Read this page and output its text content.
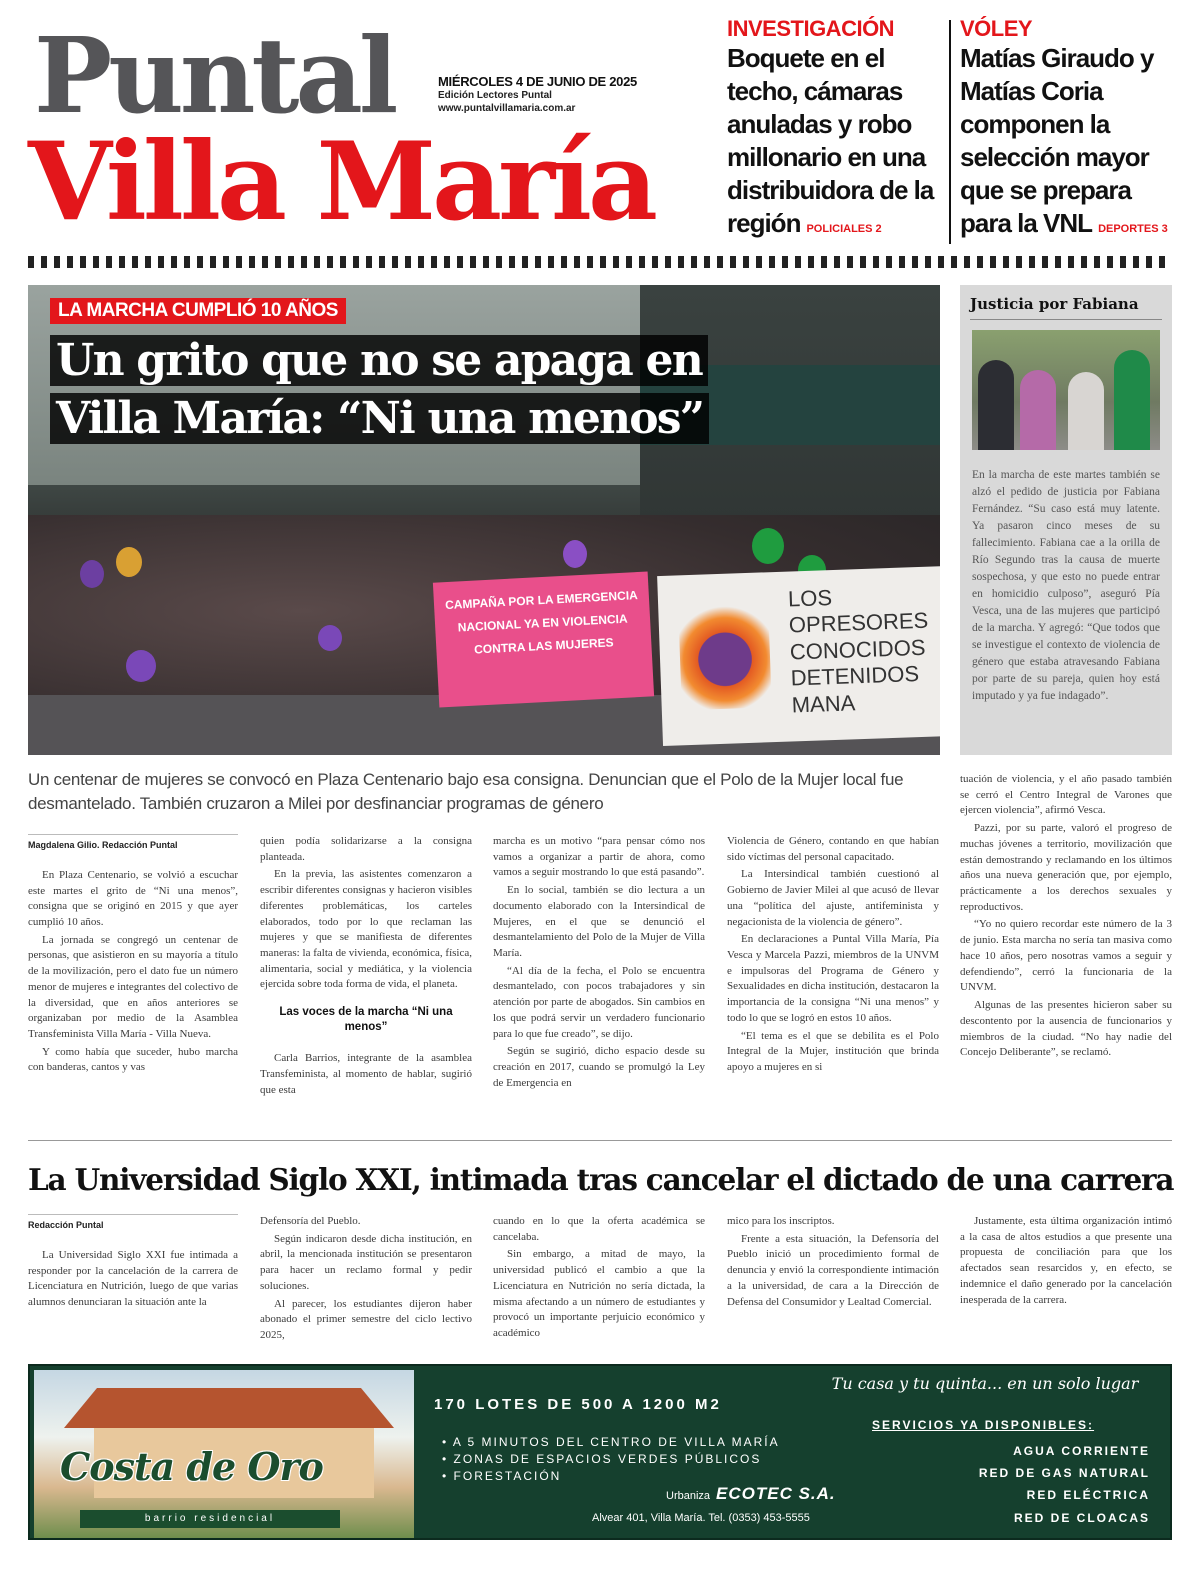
Puntal
Villa María
MIÉRCOLES 4 DE JUNIO DE 2025
Edición Lectores Puntal
www.puntalvillamaria.com.ar
INVESTIGACIÓN
Boquete en el techo, cámaras anuladas y robo millonario en una distribuidora de la región POLICIALES 2
VÓLEY
Matías Giraudo y Matías Coria componen la selección mayor que se prepara para la VNL DEPORTES 3
CAMPAÑA POR LA EMERGENCIA NACIONAL YA EN VIOLENCIA CONTRA LAS MUJERES
LOS OPRESORES CONOCIDOS DETENIDOS MANA
LA MARCHA CUMPLIÓ 10 AÑOS
Un grito que no se apaga en
Villa María: “Ni una menos”
Justicia por Fabiana
En la marcha de este martes también se alzó el pedido de justicia por Fabiana Fernández. “Su caso está muy latente. Ya pasaron cinco meses de su fallecimiento. Fabiana cae a la orilla de Río Segundo tras la causa de muerte sospechosa, y que esto no puede entrar en homicidio culposo”, aseguró Pía Vesca, una de las mujeres que participó de la marcha. Y agregó: “Que todos que se investigue el contexto de violencia de género que estaba atravesando Fabiana por parte de su pareja, quien hoy está imputado y ya fue indagado”.
Un centenar de mujeres se convocó en Plaza Centenario bajo esa consigna. Denuncian que el Polo de la Mujer local fue desmantelado. También cruzaron a Milei por desfinanciar programas de género
Magdalena Gilio. Redacción Puntal

En Plaza Centenario, se volvió a escuchar este martes el grito de “Ni una menos”, consigna que se originó en 2015 y que ayer cumplió 10 años.

La jornada se congregó un centenar de personas, que asistieron en su mayoría a título de la movilización, pero el dato fue un número menor de mujeres e integrantes del colectivo de la diversidad, que en años anteriores se organizaban por medio de la Asamblea Transfeminista Villa María - Villa Nueva.

Y como había que suceder, hubo marcha con banderas, cantos y vas

quien podía solidarizarse a la consigna planteada.

En la previa, las asistentes comenzaron a escribir diferentes consignas y hacieron visibles diferentes problemáticas, los carteles elaborados, todo por lo que reclaman las mujeres y que se manifiesta de diferentes maneras: la falta de vivienda, económica, física, alimentaria, social y mediática, y la violencia ejercida sobre toda forma de vida, el planeta.

Las voces de la marcha “Ni una menos”

Carla Barrios, integrante de la asamblea Transfeminista, al momento de hablar, sugirió que esta

marcha es un motivo “para pensar cómo nos vamos a organizar a partir de ahora, como vamos a seguir mostrando lo que está pasando”.

En lo social, también se dio lectura a un documento elaborado con la Intersindical de Mujeres, en el que se denunció el desmantelamiento del Polo de la Mujer de Villa María.

“Al día de la fecha, el Polo se encuentra desmantelado, con pocos trabajadores y sin atención por parte de abogados. Sin cambios en los que podrá servir un verdadero funcionario para lo que fue creado”, se dijo.

Según se sugirió, dicho espacio desde su creación en 2017, cuando se promulgó la Ley de Emergencia en

Violencia de Género, contando en que habían sido víctimas del personal capacitado.

La Intersindical también cuestionó al Gobierno de Javier Milei al que acusó de llevar una “política del ajuste, antifeminista y negacionista de la violencia de género”.

En declaraciones a Puntal Villa María, Pía Vesca y Marcela Pazzi, miembros de la UNVM e impulsoras del Programa de Género y Sexualidades en dicha institución, destacaron la importancia de la consigna “Ni una menos” y todo lo que se logró en estos 10 años.

“El tema es el que se debilita es el Polo Integral de la Mujer, institución que brinda apoyo a mujeres en si

tuación de violencia, y el año pasado también se cerró el Centro Integral de Varones que ejercen violencia”, afirmó Vesca.

Pazzi, por su parte, valoró el progreso de muchas jóvenes a territorio, movilización que están demostrando y reclamando en los últimos años una nueva generación que, por ejemplo, prácticamente a los derechos sexuales y reproductivos.

“Yo no quiero recordar este número de la 3 de junio. Esta marcha no sería tan masiva como hace 10 años, pero nosotras vamos a seguir y defendiendo”, cerró la funcionaria de la UNVM.

Algunas de las presentes hicieron saber su descontento por la ausencia de funcionarios y miembros de la ciudad. “No hay nadie del Concejo Deliberante”, se reclamó.

La Universidad Siglo XXI, intimada tras cancelar el dictado de una carrera
Redacción Puntal

La Universidad Siglo XXI fue intimada a responder por la cancelación de la carrera de Licenciatura en Nutrición, luego de que varias alumnos denunciaran la situación ante la

Defensoría del Pueblo.

Según indicaron desde dicha institución, en abril, la mencionada institución se presentaron para hacer un reclamo formal y pedir soluciones.

Al parecer, los estudiantes dijeron haber abonado el primer semestre del ciclo lectivo 2025,

cuando en lo que la oferta académica se cancelaba.

Sin embargo, a mitad de mayo, la universidad publicó el cambio a que la Licenciatura en Nutrición no sería dictada, la misma afectando a un número de estudiantes y provocó un importante perjuicio económico y académico

mico para los inscriptos.

Frente a esta situación, la Defensoría del Pueblo inició un procedimiento formal de denuncia y envió la correspondiente intimación a la universidad, de cara a la Dirección de Defensa del Consumidor y Lealtad Comercial.

Justamente, esta última organización intimó a la casa de altos estudios a que presente una propuesta de conciliación para que los afectados sean resarcidos y, en efecto, se indemnice el daño generado por la cancelación inesperada de la carrera.

Costa de Oro
barrio residencial
170 LOTES DE 500 A 1200 M2
• A 5 MINUTOS DEL CENTRO DE VILLA MARÍA
• ZONAS DE ESPACIOS VERDES PÚBLICOS
• FORESTACIÓN
Urbaniza ECOTEC S.A.
Alvear 401, Villa María. Tel. (0353) 453-5555
Tu casa y tu quinta... en un solo lugar
SERVICIOS YA DISPONIBLES:
AGUA CORRIENTE
RED DE GAS NATURAL
RED ELÉCTRICA
RED DE CLOACAS
